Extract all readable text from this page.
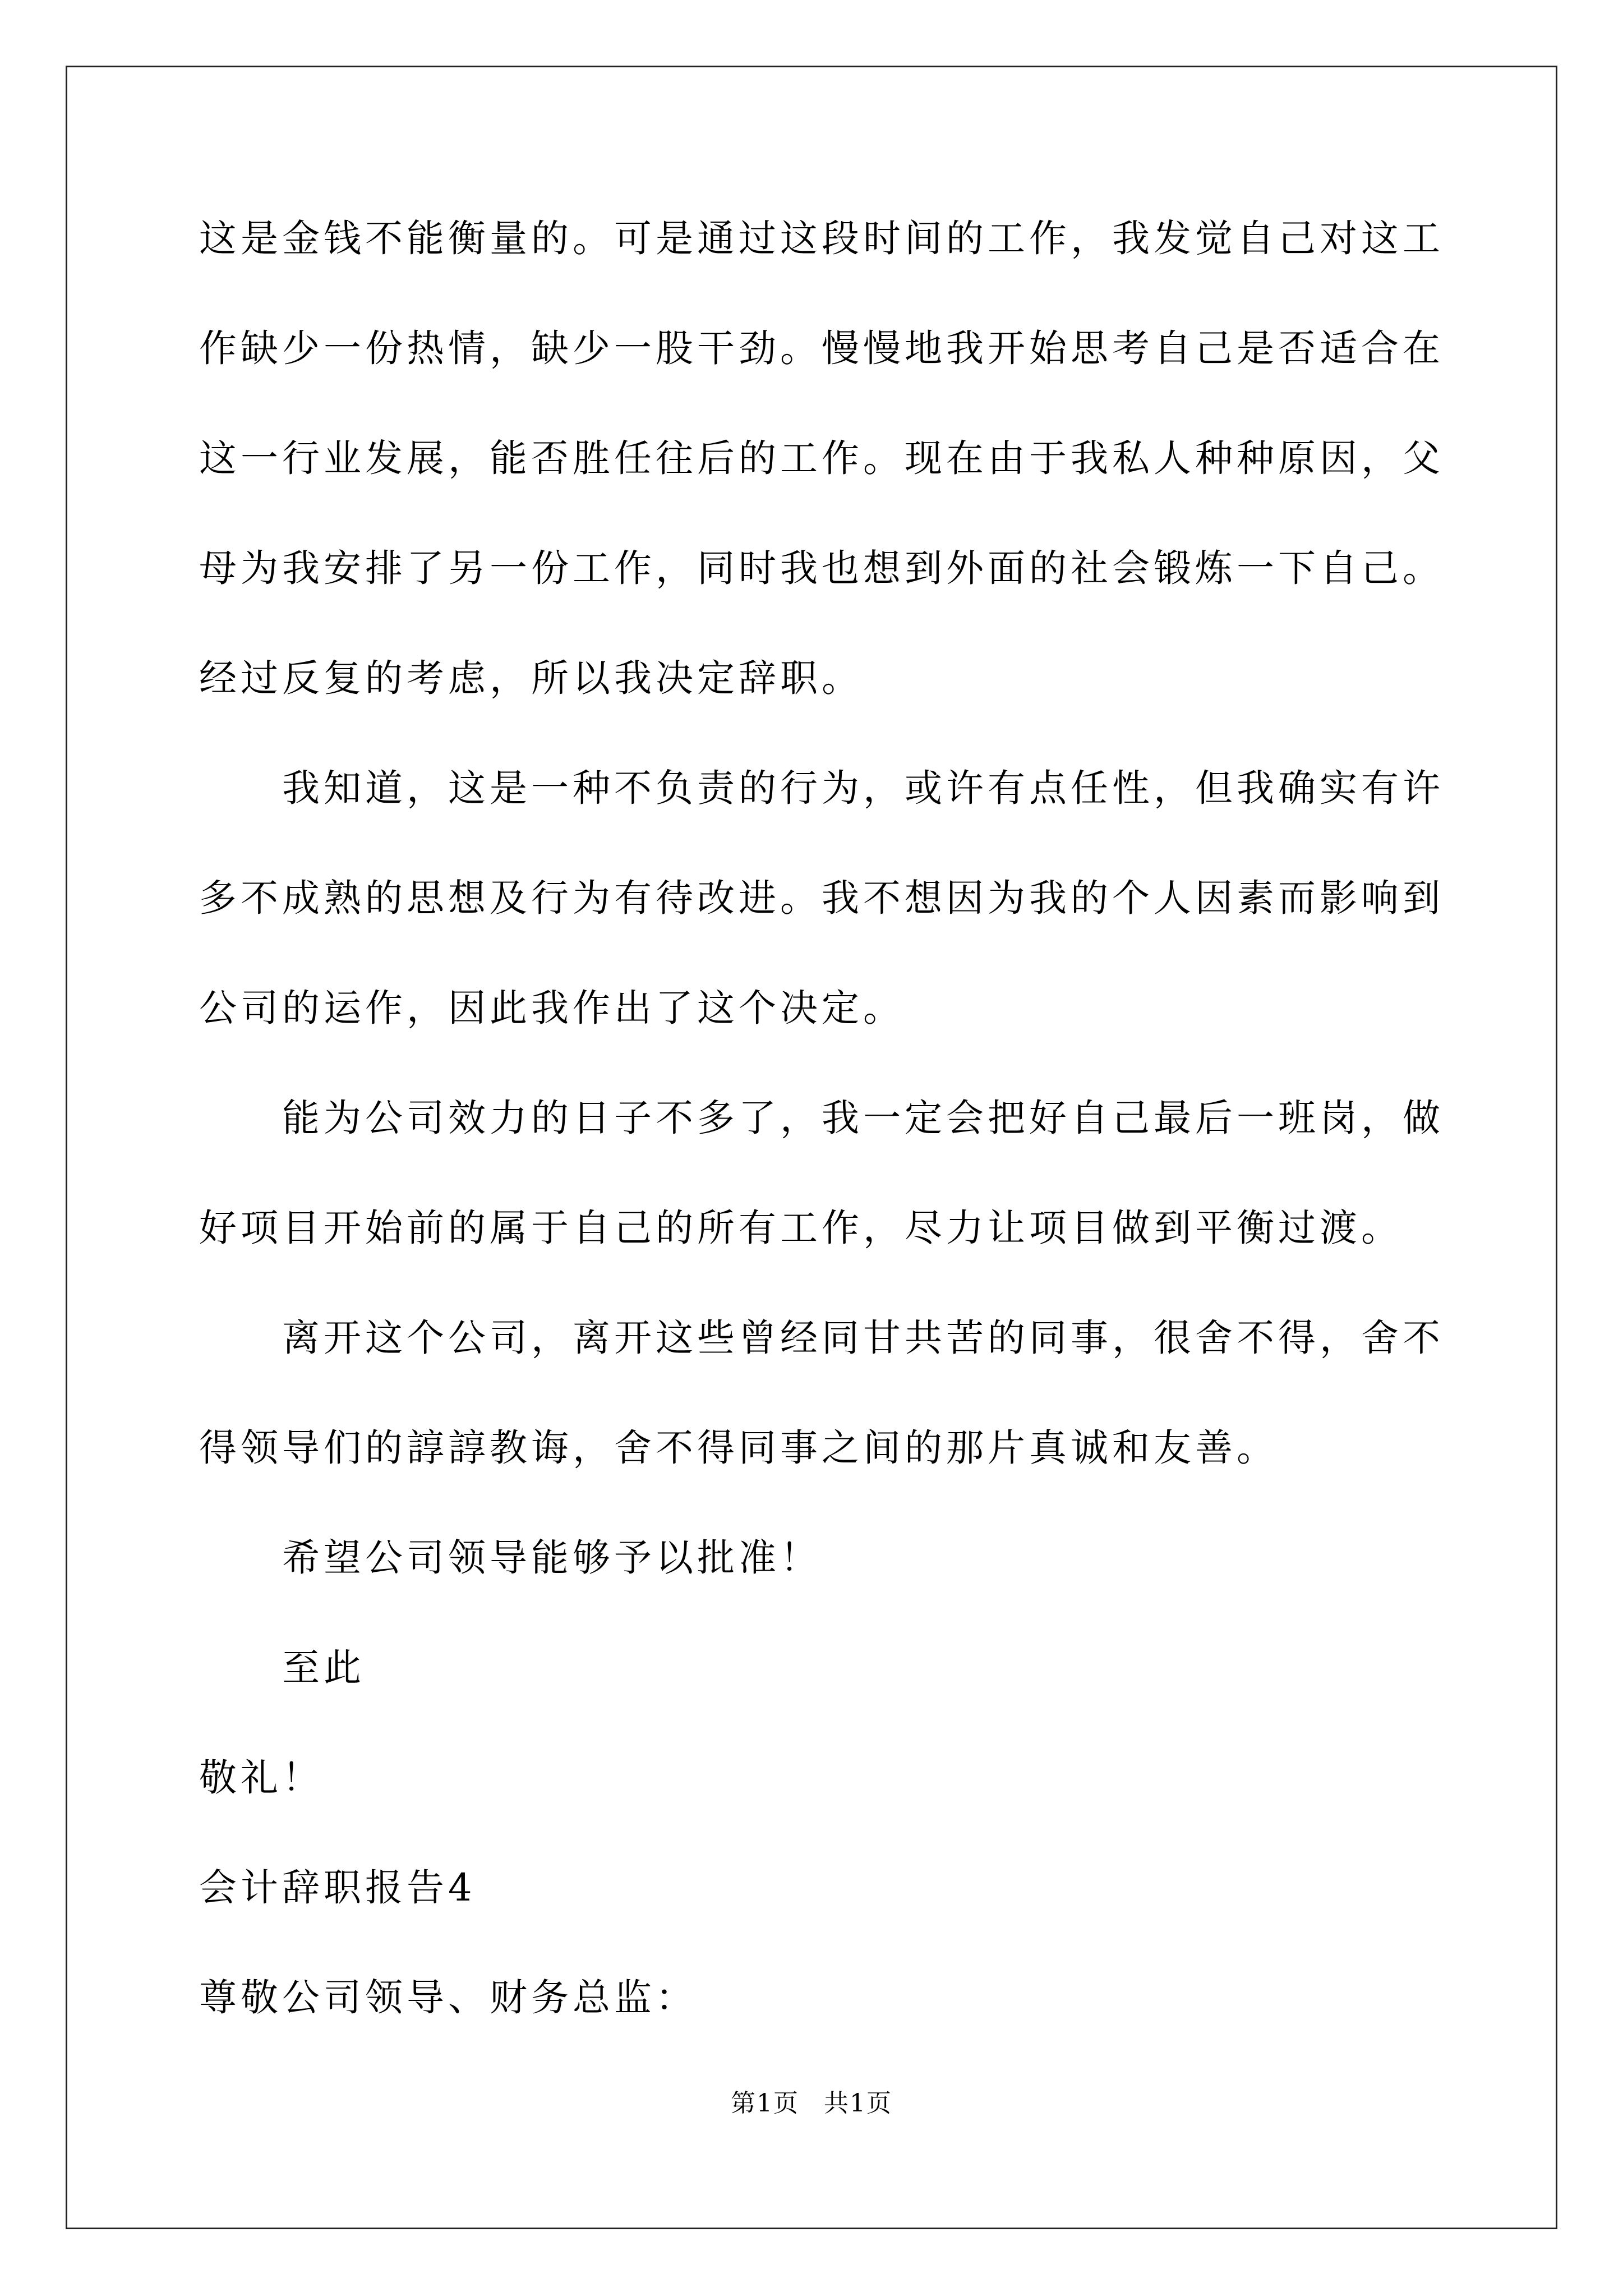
这是金钱不能衡量的。可是通过这段时间的工作，我发觉自己对这工
作缺少一份热情，缺少一股干劲。慢慢地我开始思考自己是否适合在
这一行业发展，能否胜任往后的工作。现在由于我私人种种原因，父
母为我安排了另一份工作，同时我也想到外面的社会锻炼一下自己。
经过反复的考虑，所以我决定辞职。
我知道，这是一种不负责的行为，或许有点任性，但我确实有许
多不成熟的思想及行为有待改进。我不想因为我的个人因素而影响到
公司的运作，因此我作出了这个决定。
能为公司效力的日子不多了，我一定会把好自己最后一班岗，做
好项目开始前的属于自己的所有工作，尽力让项目做到平衡过渡。
离开这个公司，离开这些曾经同甘共苦的同事，很舍不得，舍不
得领导们的諄諄教诲，舍不得同事之间的那片真诚和友善。
希望公司领导能够予以批准！
至此
敬礼！
会计辞职报告4
尊敬公司领导、财务总监：
第1页 共1页
